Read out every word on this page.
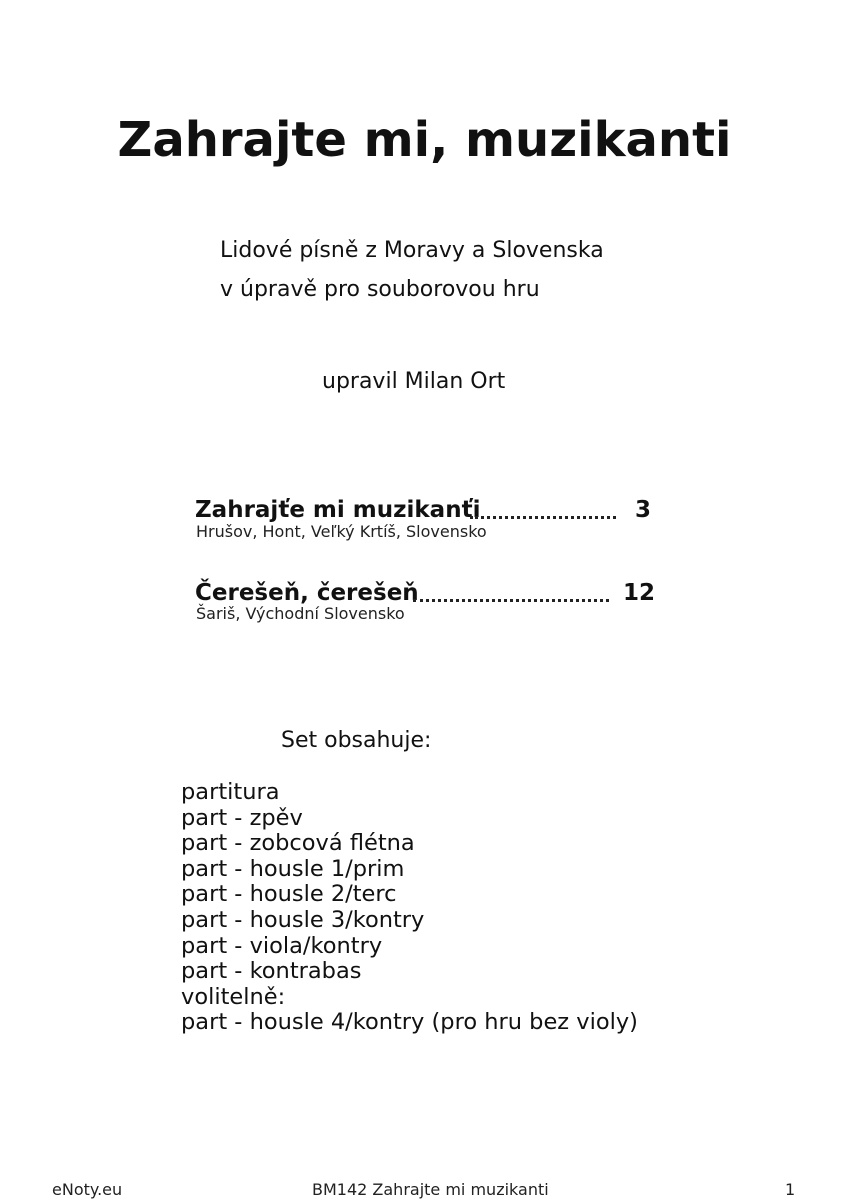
Zahrajte mi, muzikanti
Lidové písně z Moravy a Slovenska
v úpravě pro souborovou hru
upravil Milan Ort
Zahrajťe mi muzikanťi	3
Hrušov, Hont, Veľký Krtíš, Slovensko
Čerešeň, čerešeň	12
Šariš, Východní Slovensko
Set obsahuje:
partitura
part - zpěv
part - zobcová flétna
part - housle 1/prim
part - housle 2/terc
part - housle 3/kontry
part - viola/kontry
part - kontrabas
volitelně:
part - housle 4/kontry (pro hru bez violy)
eNoty.eu	BM142 Zahrajte mi muzikanti	1
